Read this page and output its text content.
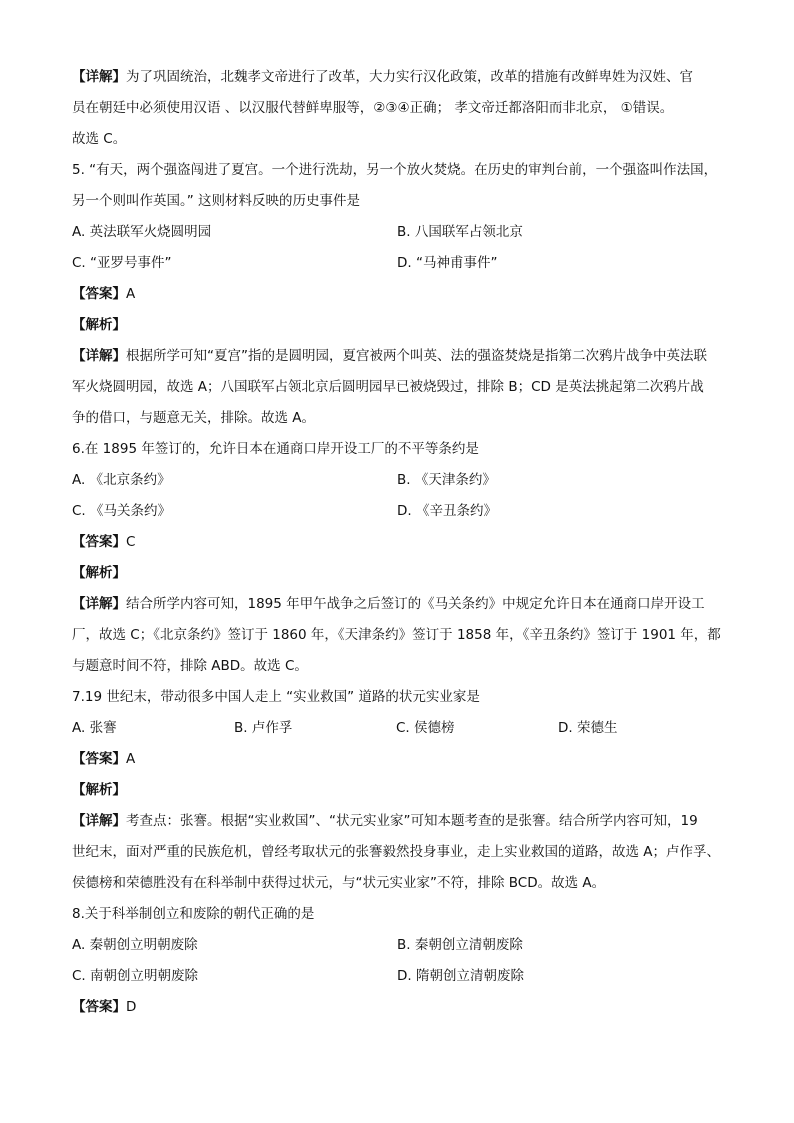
【详解】为了巩固统治，北魏孝文帝进行了改革，大力实行汉化政策，改革的措施有改鲜卑姓为汉姓、官
员在朝廷中必须使用汉语 、以汉服代替鲜卑服等，②③④正确； 孝文帝迁都洛阳而非北京， ①错误。
故选 C。
5. “有天，两个强盗闯进了夏宫。一个进行洗劫，另一个放火焚烧。在历史的审判台前，一个强盗叫作法国，
另一个则叫作英国。” 这则材料反映的历史事件是
A. 英法联军火烧圆明园	B. 八国联军占领北京
C. “亚罗号事件”	D. “马神甫事件”
【答案】A
【解析】
【详解】根据所学可知“夏宫”指的是圆明园，夏宫被两个叫英、法的强盗焚烧是指第二次鸦片战争中英法联
军火烧圆明园，故选 A；八国联军占领北京后圆明园早已被烧毁过，排除 B；CD 是英法挑起第二次鸦片战
争的借口，与题意无关，排除。故选 A。
6.在 1895 年签订的，允许日本在通商口岸开设工厂的不平等条约是
A. 《北京条约》	B. 《天津条约》
C. 《马关条约》	D. 《辛丑条约》
【答案】C
【解析】
【详解】结合所学内容可知，1895 年甲午战争之后签订的《马关条约》中规定允许日本在通商口岸开设工
厂，故选 C；《北京条约》签订于 1860 年，《天津条约》签订于 1858 年，《辛丑条约》签订于 1901 年，都
与题意时间不符，排除 ABD。故选 C。
7.19 世纪末，带动很多中国人走上 “实业救国” 道路的状元实业家是
A. 张謇	B. 卢作孚	C. 侯德榜	D. 荣德生
【答案】A
【解析】
【详解】考查点：张謇。根据“实业救国”、“状元实业家”可知本题考查的是张謇。结合所学内容可知，19
世纪末，面对严重的民族危机，曾经考取状元的张謇毅然投身事业，走上实业救国的道路，故选 A；卢作孚、
侯德榜和荣德胜没有在科举制中获得过状元，与“状元实业家”不符，排除 BCD。故选 A。
8.关于科举制创立和废除的朝代正确的是
A. 秦朝创立明朝废除	B. 秦朝创立清朝废除
C. 南朝创立明朝废除	D. 隋朝创立清朝废除
【答案】D
